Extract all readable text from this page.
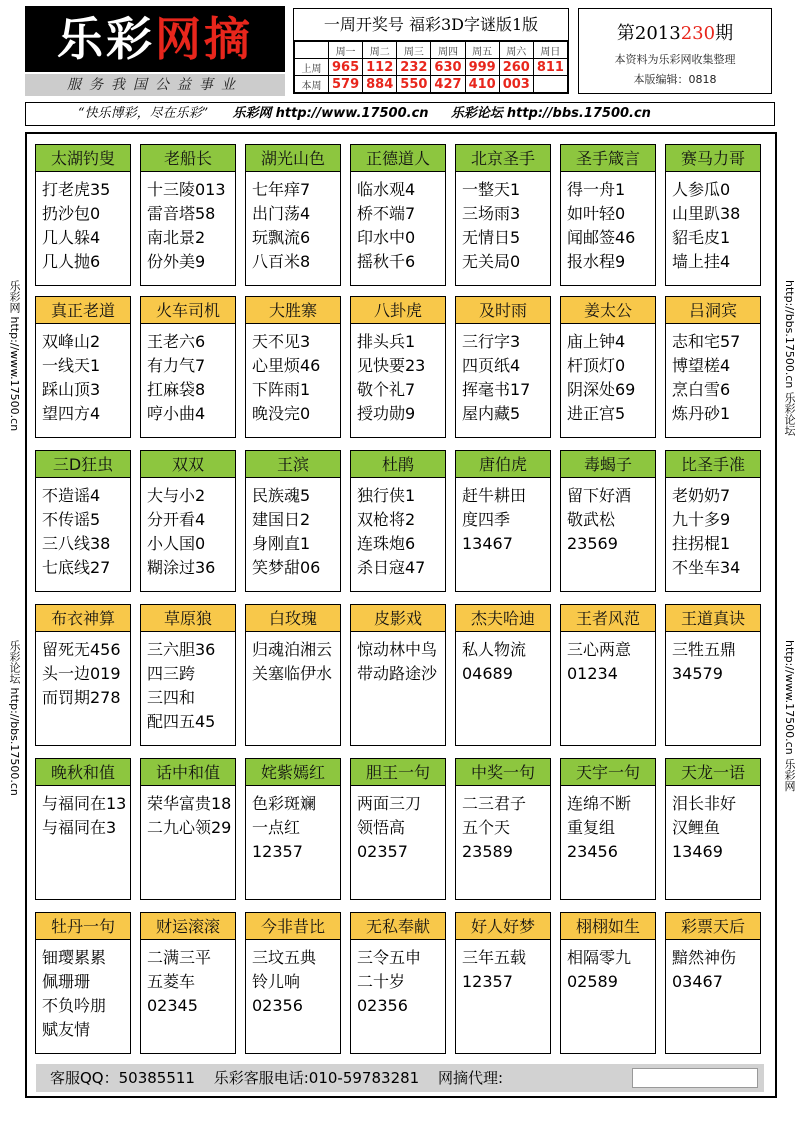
乐彩网摘
服务我国公益事业
一周开奖号 福彩3D字谜版1版
	周一	周二	周三	周四	周五	周六	周日
上周	965	112	232	630	999	260	811
本周	579	884	550	427	410	003	
第2013230期
本资料为乐彩网收集整理
本版编辑：0818
“快乐博彩，尽在乐彩” 乐彩网 http://www.17500.cn 乐彩论坛 http://bbs.17500.cn
乐彩网 http://www.17500.cn
乐彩论坛 http://bbs.17500.cn
http://bbs.17500.cn 乐彩论坛
http://www.17500.cn 乐彩网
太湖钓叟
打老虎35
扔沙包0
几人躲4
几人抛6
老船长
十三陵013
雷音塔58
南北景2
份外美9
湖光山色
七年痒7
出门荡4
玩飘流6
八百米8
正德道人
临水观4
桥不端7
印水中0
摇秋千6
北京圣手
一整天1
三场雨3
无情日5
无关局0
圣手箴言
得一舟1
如叶轻0
闻邮签46
报水程9
赛马力哥
人参瓜0
山里趴38
貂毛皮1
墙上挂4
真正老道
双峰山2
一线天1
踩山顶3
望四方4
火车司机
王老六6
有力气7
扛麻袋8
哼小曲4
大胜寨
天不见3
心里烦46
下阵雨1
晚没完0
八卦虎
排头兵1
见快要23
敬个礼7
授功勋9
及时雨
三行字3
四页纸4
挥毫书17
屋内藏5
姜太公
庙上钟4
杆顶灯0
阴深处69
进正宫5
吕洞宾
志和宅57
博望槎4
烹白雪6
炼丹砂1
三D狂虫
不造谣4
不传谣5
三八线38
七底线27
双双
大与小2
分开看4
小人国0
糊涂过36
王滨
民族魂5
建国日2
身刚直1
笑梦甜06
杜鹃
独行侠1
双枪将2
连珠炮6
杀日寇47
唐伯虎
赶牛耕田
度四季
13467
毒蝎子
留下好酒
敬武松
23569
比圣手准
老奶奶7
九十多9
拄拐棍1
不坐车34
布衣神算
留死无456
头一边019
而罚期278
草原狼
三六胆36
四三跨
三四和
配四五45
白玫瑰
归魂泊湘云
关塞临伊水
皮影戏
惊动林中鸟
带动路途沙
杰夫哈迪
私人物流
04689
王者风范
三心两意
01234
王道真诀
三牲五鼎
34579
晚秋和值
与福同在13
与福同在3
话中和值
荣华富贵18
二九心领29
姹紫嫣红
色彩斑斓
一点红
12357
胆王一句
两面三刀
领悟高
02357
中奖一句
二三君子
五个天
23589
天宇一句
连绵不断
重复组
23456
天龙一语
泪长非好
汉鲤鱼
13469
牡丹一句
钿璎累累
佩珊珊
不负吟朋
赋友情
财运滚滚
二满三平
五菱车
02345
今非昔比
三坟五典
铃儿响
02356
无私奉献
三令五申
二十岁
02356
好人好梦
三年五载
12357
栩栩如生
相隔零九
02589
彩票天后
黯然神伤
03467
客服QQ：50385511 乐彩客服电话:010-59783281 网摘代理:
